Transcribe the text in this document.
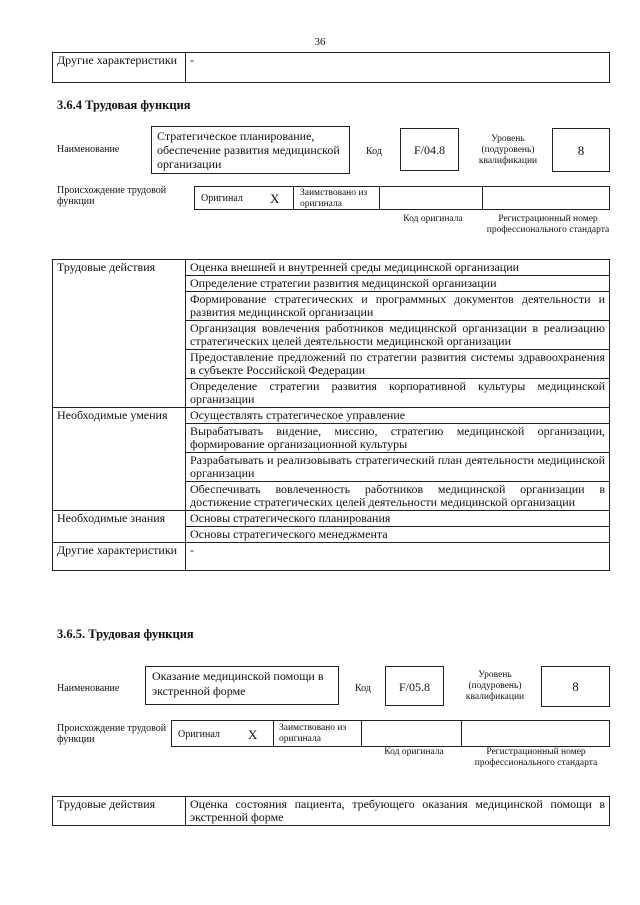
36
Другие характеристики	-
3.6.4 Трудовая функция
Наименование
Стратегическое планирование, обеспечение развития медицинской организации
Код	F/04.8
Уровень (подуровень) квалификации
8
Происхождение трудовой функции	Оригинал X Заимствовано из оригинала
Код оригинала	Регистрационный номер профессионального стандарта
Трудовые действия	Оценка внешней и внутренней среды медицинской организации
	Определение стратегии развития медицинской организации
	Формирование стратегических и программных документов деятельности и развития медицинской организации
	Организация вовлечения работников медицинской организации в реализацию стратегических целей деятельности медицинской организации
	Предоставление предложений по стратегии развития системы здравоохранения в субъекте Российской Федерации
	Определение стратегии развития корпоративной культуры медицинской организации
Необходимые умения	Осуществлять стратегическое управление
	Вырабатывать видение, миссию, стратегию медицинской организации, формирование организационной культуры
	Разрабатывать и реализовывать стратегический план деятельности медицинской организации
	Обеспечивать вовлеченность работников медицинской организации в достижение стратегических целей деятельности медицинской организации
Необходимые знания	Основы стратегического планирования
	Основы стратегического менеджмента
Другие характеристики	-
3.6.5. Трудовая функция
Наименование
Оказание медицинской помощи в экстренной форме	Код	F/05.8
Уровень (подуровень) квалификации
8
Происхождение трудовой функции	Оригинал X Заимствовано из оригинала
Код оригинала	Регистрационный номер профессионального стандарта
Трудовые действия	Оценка состояния пациента, требующего оказания медицинской помощи в экстренной форме
